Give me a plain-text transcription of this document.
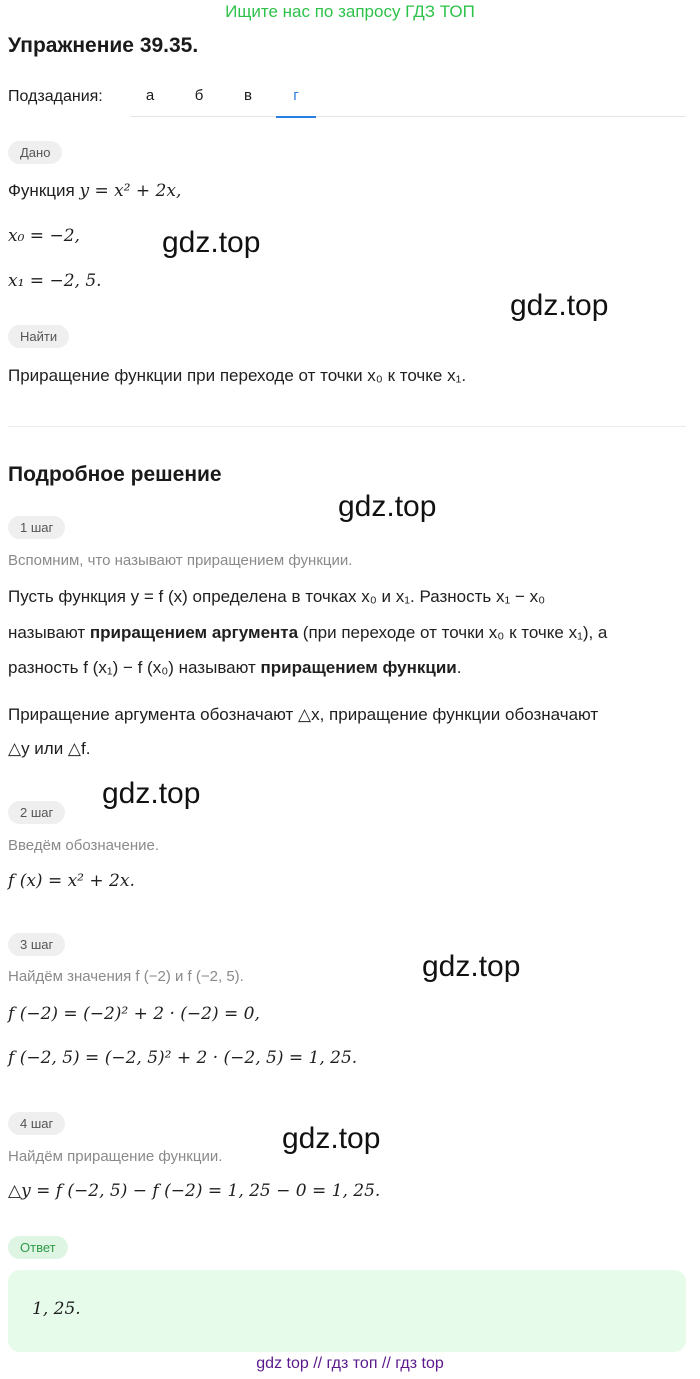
Ищите нас по запросу ГДЗ ТОП
Упражнение 39.35.
Подзадания:	а	б	в	г
Дано
Функция y = x² + 2x,
x₀ = −2,
x₁ = −2, 5.
Найти
Приращение функции при переходе от точки x₀ к точке x₁.
Подробное решение
1 шаг
Вспомним, что называют приращением функции.
Пусть функция y = f (x) определена в точках x₀ и x₁. Разность x₁ − x₀
называют приращением аргумента (при переходе от точки x₀ к точке x₁), а
разность f (x₁) − f (x₀) называют приращением функции.
Приращение аргумента обозначают △x, приращение функции обозначают
△y или △f.
2 шаг
Введём обозначение.
f (x) = x² + 2x.
3 шаг
Найдём значения f (−2) и f (−2, 5).
f (−2) = (−2)² + 2 · (−2) = 0,
f (−2, 5) = (−2, 5)² + 2 · (−2, 5) = 1, 25.
4 шаг
Найдём приращение функции.
△y = f (−2, 5) − f (−2) = 1, 25 − 0 = 1, 25.
Ответ
1, 25.
gdz.top
gdz.top
gdz.top
gdz.top
gdz.top
gdz.top
gdz top // гдз топ // гдз top
